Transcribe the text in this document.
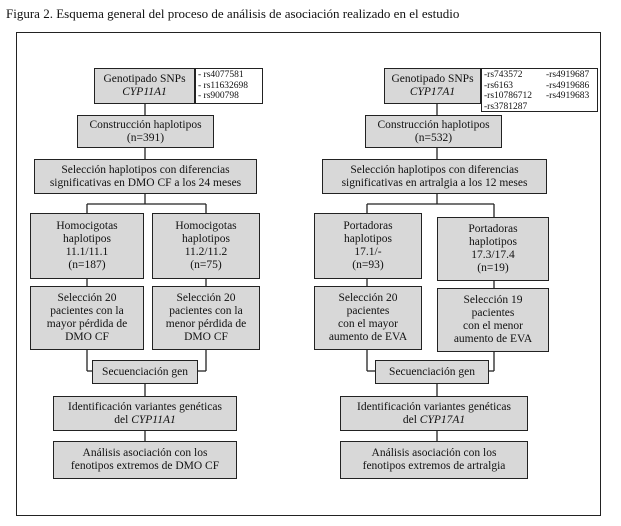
Figura 2. Esquema general del proceso de análisis de asociación realizado en el estudio
Genotipado SNPs
CYP11A1
- rs4077581
- rs11632698
- rs900798
Construcción haplotipos
(n=391)
Selección haplotipos con diferencias
significativas en DMO CF a los 24 meses
Homocigotas
haplotipos
11.1/11.1
(n=187)
Homocigotas
haplotipos
11.2/11.2
(n=75)
Selección 20
pacientes con la
mayor pérdida de
DMO CF
Selección 20
pacientes con la
menor pérdida de
DMO CF
Secuenciación gen
Identificación variantes genéticas
del CYP11A1
Análisis asociación con los
fenotipos extremos de DMO CF
Genotipado SNPs
CYP17A1
-rs743572	-rs4919687
-rs6163	-rs4919686
-rs10786712	-rs4919683
-rs3781287
Construcción haplotipos
(n=532)
Selección haplotipos con diferencias
significativas en artralgia a los 12 meses
Portadoras
haplotipos
17.1/-
(n=93)
Portadoras
haplotipos
17.3/17.4
(n=19)
Selección 20
pacientes
con el mayor
aumento de EVA
Selección 19
pacientes
con el menor
aumento de EVA
Secuenciación gen
Identificación variantes genéticas
del CYP17A1
Análisis asociación con los
fenotipos extremos de artralgia
